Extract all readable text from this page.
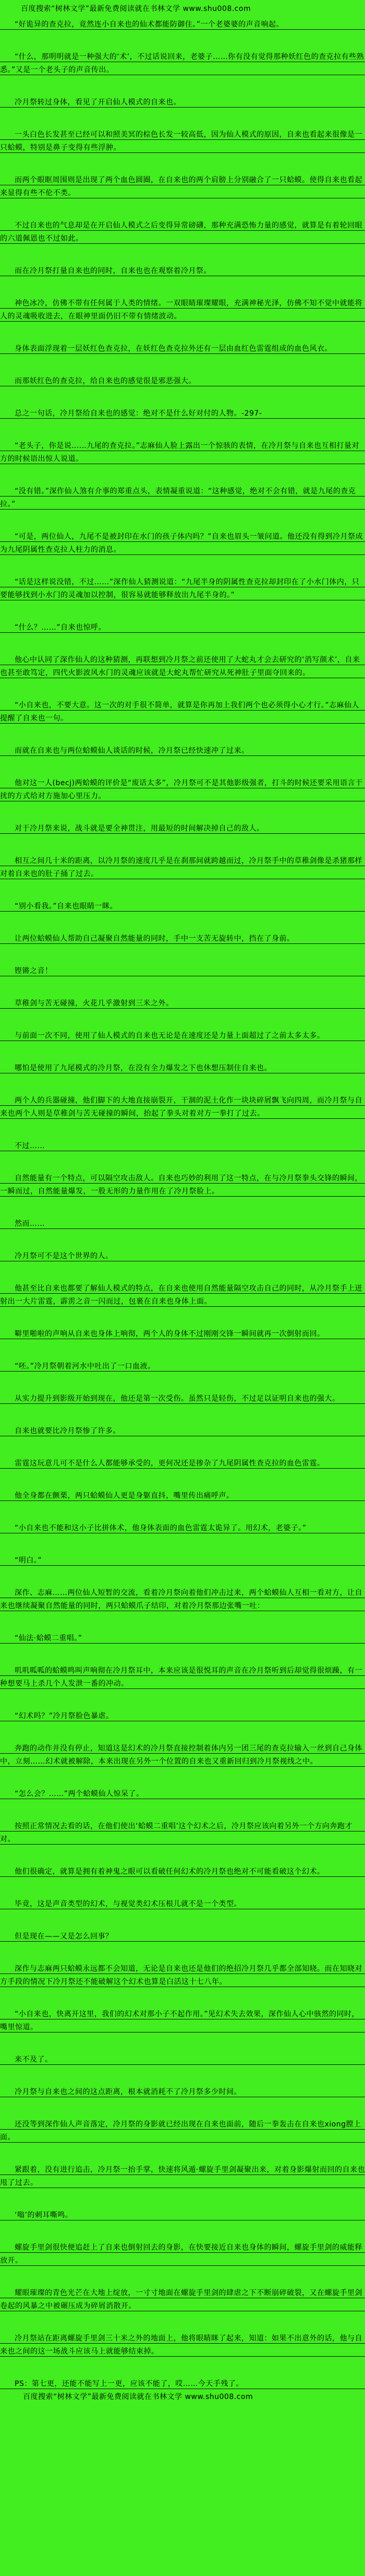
百度搜索“树林文学”最新免费阅读就在书林文学 www.shu008.com

“好诡异的查克拉，竟然连小自来也的仙术都能防御住。”一个老婆婆的声音响起。

“什么，那明明就是一种强大的‘术’，不过话说回来，老婆子……你有没有觉得那种妖红色的查克拉有些熟悉。”又是一个老头子的声音传出。

冷月祭转过身体，看见了开启仙人模式的自来也。

一头白色长发甚至已经可以和照美冥的棕色长发一较高低，因为仙人模式的原因，自来也看起来很像是一只蛤蟆，特别是鼻子变得有些浮肿。

而两个眼眶周围则是出现了两个血色圆圈，在自来也的两个肩膀上分别融合了一只蛤蟆。使得自来也看起来显得有些不伦不类。

不过自来也的气息却是在开启仙人模式之后变得异常磅礴，那种充满恐怖力量的感觉，就算是有着轮回眼的六道佩恩也不过如此。

而在冷月祭打量自来也的同时，自来也也在观察着冷月祭。

神色冰冷，仿佛不带有任何属于人类的情绪。一双眼睛璀璨耀眼，充满神秘光泽，仿佛不知不觉中就能将人的灵魂吸收进去，在眼神里面仍旧不带有情绪波动。

身体表面浮现着一层妖红色查克拉，在妖红色查克拉外还有一层由血红色雷霆组成的血色风衣。

而那妖红色的查克拉，给自来也的感觉很是邪恶强大。

总之一句话，冷月祭给自来也的感觉：绝对不是什么好对付的人物。-297-

“老头子，你是说……九尾的查克拉。”志麻仙人脸上露出一个惊骇的表情，在冷月祭与自来也互相打量对方的时候语出惊人说道。

“没有错。”深作仙人煞有介事的郑重点头，表情凝重说道：“这种感觉，绝对不会有错，就是九尾的查克拉。”

“可是，两位仙人，九尾不是被封印在水门的孩子体内吗？”自来也眉头一皱问道。他还没有得到冷月祭成为九尾阴属性查克拉人柱力的消息。

“话是这样说没错，不过……”深作仙人猜测说道：“九尾半身的阴属性查克拉却封印在了小水门体内，只要能够找到小水门的灵魂加以控制，很容易就能够释放出九尾半身的。”

“什么？……”自来也惊呼。

他心中认同了深作仙人的这种猜测，再联想到冷月祭之前还使用了大蛇丸才会去研究的‘消写颜术’，自来也甚至敢笃定，四代火影波风水门的灵魂应该就是大蛇丸帮忙研究从死神肚子里面夺回来的。

“小自来也，不要大意。这一次的对手很不简单，就算是你再加上我们两个也必须得小心才行。”志麻仙人提醒了自来也一句。

而就在自来也与两位蛤蟆仙人谈话的时候，冷月祭已经快速冲了过来。

他对这一人(becj)两蛤蟆的评价是“废话太多”，冷月祭可不是其他影级强者，打斗的时候还要采用语言干扰的方式给对方施加心里压力。

对于冷月祭来说，战斗就是要全神贯注，用最短的时间解决掉自己的敌人。

相互之间几十米的距离，以冷月祭的速度几乎是在刹那间就跨越而过，冷月祭手中的草稚剑像是杀猪那样对着自来也的肚子捅了过去。

“别小看我。”自来也眼睛一眯。

让两位蛤蟆仙人帮助自己凝聚自然能量的同时，手中一支苦无旋转中，挡在了身前。

铿锵之音！

草稚剑与苦无碰撞，火花几乎激射到三米之外。

与前面一次不同，使用了仙人模式的自来也无论是在速度还是力量上面超过了之前太多太多。

哪怕是使用了九尾模式的冷月祭，在没有全力爆发之下也休想压制住自来也。

两个人的兵器碰撞，他们脚下的大地直接崩裂开，干涸的泥土化作一块块碎屑飘飞向四周，而冷月祭与自来也两个人则是草稚剑与苦无碰撞的瞬间，抬起了拳头对着对方一拳打了过去。

不过……

自然能量有一个特点，可以隔空攻击敌人。自来也巧妙的利用了这一特点，在与冷月祭拳头交锋的瞬间，一瞬而过，自然能量爆发，一股无形的力量作用在了冷月祭脸上。

然而……

冷月祭可不是这个世界的人。

他甚至比自来也都要了解仙人模式的特点，在自来也使用自然能量隔空攻击自己的同时，从冷月祭手上迸射出一大片雷霆，霹雳之音一闪而过，包裹在自来也身体上面。

噼里啪啦的声响从自来也身体上响彻，两个人的身体不过刚刚交锋一瞬间就再一次倒射而回。

“呸。”冷月祭朝着河水中吐出了一口血液。

从实力提升到影级开始到现在，他还是第一次受伤。虽然只是轻伤，不过足以证明自来也的强大。

自来也就要比冷月祭惨了许多。

雷霆这玩意儿可不是什么人都能够承受的，更何况还是掺杂了九尾阴属性查克拉的血色雷霆。

他全身都在颤栗，两只蛤蟆仙人更是身躯直抖，嘴里传出痛呼声。

“小自来也不能和这小子比拼体术，他身体表面的血色雷霆太诡异了。用幻术，老婆子。”

“明白。”

深作、志麻……两位仙人短暂的交流，看着冷月祭向着他们冲击过来，两个蛤蟆仙人互相一看对方，让自来也继续凝聚自然能量的同时，两只蛤蟆爪子结印，对着冷月祭那边张嘴一吐：

“仙法·蛤蟆二重唱。”

叽叽呱呱的蛤蟆鸣叫声响彻在冷月祭耳中，本来应该是很悦耳的声音在冷月祭听到后却觉得很烦躁，有一种想要马上杀几个人发泄一番的冲动。

“幻术吗？”冷月祭脸色暴虐。

奔跑的动作并没有停止，知道这是幻术的冷月祭直接控制着体内另一团三尾的查克拉输入一丝到自己身体中，立刻……幻术就被解除，本来出现在另外一个位置的自来也又重新回归到冷月祭视线之中。

“怎么会？……”两个蛤蟆仙人惊呆了。

按照正常情况去看的话，在他们使出‘蛤蟆二重唱’这个幻术之后，冷月祭应该向着另外一个方向奔跑才对。

他们很确定，就算是拥有着神鬼之眼可以看破任何幻术的冷月祭也绝对不可能看破这个幻术。

毕竟，这是声音类型的幻术，与视觉类幻术压根儿就不是一个类型。

但是现在——又是怎么回事？

深作与志麻两只蛤蟆永远都不会知道，无论是自来也还是他们的绝招冷月祭几乎都全部知晓。而在知晓对方手段的情况下冷月祭还不能破解这个幻术也算是白活这十七八年。

“小自来也，快离开这里，我们的幻术对那小子不起作用。”见幻术失去效果，深作仙人心中骇然的同时，嘴里惊道。

来不及了。

冷月祭与自来也之间的这点距离，根本就消耗不了冷月祭多少时间。

还没等到深作仙人声音落定，冷月祭的身影就已经出现在自来也面前，随后一拳轰击在自来也xiong膛上面。

紧跟着，没有进行追击，冷月祭一抬手掌，快速将风遁·螺旋手里剑凝聚出来，对着身影爆射而回的自来也甩了过去。

‘嗡’的刺耳嘶鸣。

螺旋手里剑很快便追赶上了自来也倒射回去的身影，在快要接近自来也身体的瞬间，螺旋手里剑的威能释放开。

耀眼璀璨的青色光芒在大地上绽放，一寸寸地面在螺旋手里剑的肆虐之下不断崩碎破裂，又在螺旋手里剑卷起的风暴之中被碾压成为碎屑消散开。

冷月祭站在距离螺旋手里剑三十米之外的地面上，他将眼睛眯了起来，知道：如果不出意外的话，他与自来也之间的这一场战斗应该马上就能够结束掉。

PS：第七更，还能不能写上一更，应该不能了，哎……今天手残了。

百度搜索“树林文学”最新免费阅读就在书林文学 www.shu008.com
